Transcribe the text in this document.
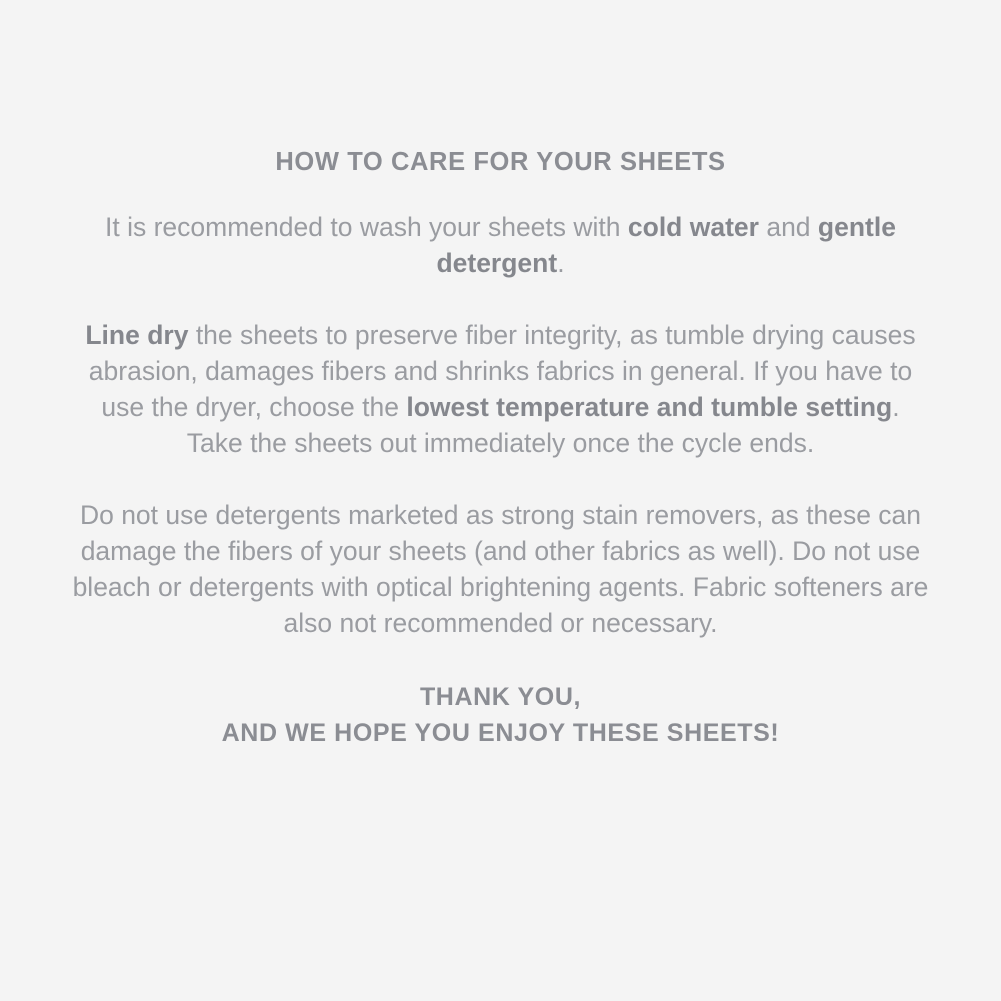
HOW TO CARE FOR YOUR SHEETS

It is recommended to wash your sheets with cold water and gentle detergent.

Line dry the sheets to preserve fiber integrity, as tumble drying causes abrasion, damages fibers and shrinks fabrics in general. If you have to use the dryer, choose the lowest temperature and tumble setting.
Take the sheets out immediately once the cycle ends.

Do not use detergents marketed as strong stain removers, as these can damage the fibers of your sheets (and other fabrics as well). Do not use bleach or detergents with optical brightening agents. Fabric softeners are also not recommended or necessary.

THANK YOU,
AND WE HOPE YOU ENJOY THESE SHEETS!
